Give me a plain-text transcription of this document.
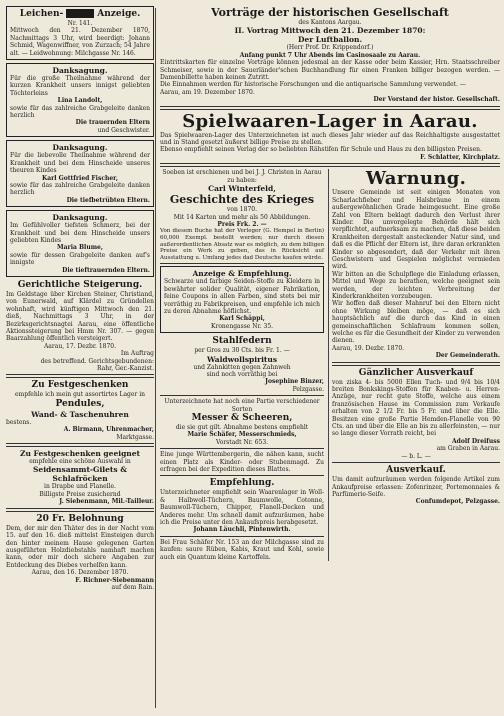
Leichen-	Anzeige.

Nr. 141.

Mittwoch den 21. Dezember 1870, Nachmittags 3 Uhr, wird beerdigt: Johann Schmid, Wagenwiffner, von Zurzach; 54 Jahre alt. — Leidwohnung: Milchgasse Nr. 146.

Danksagung.

Für die große Theilnahme während der kurzen Krankheit unsers innigst geliebten Töchterleins

Lina Landolt,

sowie für das zahlreiche Grabgeleite danken herzlich

Die trauernden Eltern

und Geschwister.

Danksagung.

Für die liebevolle Theilnahme während der Krankheit und bei dem Hinscheide unseres theuren Kindes

Karl Gottfried Fischer,

sowie für das zahlreiche Grabgeleite danken herzlich

Die tiefbetrübten Eltern.

Danksagung.

Im Gefühlvoller tiefsten Schmerz, bei der Krankheit und bei dem Hinscheide unsers geliebten Kindes

Maria Blume,

sowie für dessen Grabgeleite danken auf's innigste

Die tieftrauernden Eltern.

Gerichtliche Steigerung.

Im Geldstage über Kirchen Steiner, Christiand, von Eunerwald, auf Klärdel zu Gründellen wohnhaft, wird künftigen Mittwoch den 21. dieß, Nachmittags 3 Uhr, in der Bezirksgerichtsnagtei Aarau, eine öffentliche Aktionssteigerung bei Hmm Nr. 307. — gegen Baarzahlung öffentlich versteigert.

Aarau, 17. Dezbr. 1870.

Im Auftrag

des betreffend. Gerichtsgebundenen:

Rahr, Ger.-Kanzist.

Zu Festgeschenken

empfehle ich mein gut assortirtes Lager in

Pendules,
Wand- & Taschenuhren

bestens.

A. Birmann, Uhrenmacher,

Marktgasse.

Zu Festgeschenken geeignet

empfehle eine schöne Auswahl in

Seidensammt-Gilets & Schlafröcken

in Drapbe und Flanelle.

Billigste Preise zusichernd

J. Siebenmann, Mil.-Tailleur.

20 Fr. Belohnung

Dem, der mir den Thäter des in der Nacht vom 15. auf den 16. dieß mittelst Einsteigen durch den hinter meinem Hause gelegenen Garten ausgeführten Holzdiebstahls namhaft machen kann, oder mir doch sichere Angaben zur Entdeckung des Diebes verhelfen kann.

Aarau, den 16. Dezember 1870.

F. Richner-Siebenmann

auf dem Rain.

Vorträge der historischen Gesellschaft

des Kantons Aargau.

II. Vortrag Mittwoch den 21. Dezember 1870:
Der Luftballon.

(Herr Prof. Dr. Krippendorf.)

Anfang punkt 7 Uhr Abends im Casinosaale zu Aarau.

Eintrittskarten für einzelne Vorträge können jedesmal an der Kasse oder beim Kassier, Hrn. Staatsschreiber Schmeiser, sowie in der Sauerländer'schen Buchhandlung für einen Franken billiger bezogen werden. — Damenbillette haben keinen Zutritt.

Die Einnahmen werden für historische Forschungen und die antiquarische Sammlung verwendet. —

Aarau, am 19. Dezember 1870.

Der Vorstand der histor. Gesellschaft.

Spielwaaren-Lager in Aarau.

Das Spielwaaren-Lager des Unterzeichneten ist auch dieses Jahr wieder auf das Reichhaltigste ausgestattet und in Stand gesetzt äußerst billige Preise zu stellen.

Ebenso empfiehlt seinen Verlag der so beliebten Rähstifen für Schule und Haus zu den billigsten Preisen.

F. Schlatter, Kirchplatz.

Soeben ist erschienen und bei J. J. Christen in Aarau zu haben:

Carl Winterfeld,
Geschichte des Krieges

von 1870.

Mit 14 Karten und mehr als 50 Abbildungen.

Preis Frk. 2. —

Von diesem Buche hat der Verleger (G. Hempel in Berlin) 60,000 Exempl. bestellt werden; nur durch diesen außerordentlichen Absatz war es möglich, zu dem billigen Preise ein Werk zu geben, das in Rücksicht auf Ausstattung u. Umfang jedes dad Deutsche kaufen würde.

Anzeige & Empfehlung.

Schwarze und farbige Seiden-Stoffe zu Kleidern in bewährter solider Qualität, eigener Fabrikation, feine Coupons in allen Farben, sind stets bei mir vorräthig zu Fabrikpreisen, und empfehle ich mich zu deren Abnahme höflichst.

Karl Schäppi,

Kronengasse Nr. 35.

Stahlfedern

per Gros zu 30 Cts. bis Fr. 1. —

Waldwollspiritus

und Zahnkitten gegen Zahnweh

sind noch vorräthig bei

Josephine Binzer,

Pelzgasse.

Unterzeichnete hat noch eine Partie verschiedener Sorten

Messer & Scheeren,

die sie gut gilt. Abnahme bestens empfiehlt

Marie Schäfer, Messerschmieds,

Vorstadt Nr. 653.

Eine junge Württembergerin, die nähen kann, sucht einen Platz als Kinder- oder Stubenmagd. Zu erfragen bei der Expedition dieses Blattes.

Empfehlung.

Unterzeichneter empfiehlt sein Waarenlager in Woll- & Halbwoll-Tüchern, Baumwolle, Cotonne, Baumwoll-Tüchern, Chipper, Flanell-Decken und Anderes mehr. Um schnell damit aufzuräumen, habe ich die Preise unter den Ankaufspreis herabgesetzt.

Johann Läuchli, Pintenwirth.

Bei Frau Schäfer Nr. 153 an der Milchgasse sind zu kaufen: saure Rüben, Kabis, Kraut und Kohl, sowie auch ein Quantum kleine Kartoffeln.

Warnung.

Unsere Gemeinde ist seit einigen Monaten von Scharlachfieber und Halsbräune in einem außergewöhnlichen Grade heimgesucht. Eine große Zahl von Eltern beklagt dadurch den Verlust ihrer Kinder. Die unvorgelegte Behörde hält sich verpflichtet, aufmerksam zu machen, daß diese beiden Krankheiten dergestalt ansteckender Natur sind, und daß es die Pflicht der Eltern ist, ihre daran erkrankten Kinder so abgesondert, daß der Verkehr mit ihren Geschwistern und Gespielen möglichst vermieden wird.

Wir bitten an die Schulpflege die Einladung erlassen, Mittel und Wege zu berathen, welche geeignet sein werden, der leichten Verbreitung der Kinderkrankheiten vorzubeugen.

Wir hoffen daß dieser Mahnruf bei den Eltern nicht ohne Wirkung bleiben möge, — daß es sich hauptsächlich auf die durch das Kind in einen gemeinschaftlichen Schlafraum kommen sollen, welche es für die Gesundheit der Kinder zu verwenden dienen.

Aarau, 19. Dezbr. 1870.

Der Gemeinderath.

Gänzlicher Ausverkauf

von ziska 4- bis 5000 Ellen Tuch- und 9/4 bis 10/4 breiten Bonkskings-Stoffen für Knaben- u. Herren-Anzüge, nur recht gute Stoffe, welche aus einem französischen Hause im Commission zum Verkaufe erhalten von 2 1/2 Fr. bis 5 Fr. und über die Elle. Besitzen eine große Partie Hemden-Flanelle von 90 Cts. an und über die Elle an bis zu allerfeinsten, — nur so lange dieser Vorrath reicht, bei

Adolf Dreifuss

am Graben in Aarau.

— b. L. —

Ausverkauf.

Um damit aufzuräumen werden folgende Artikel zum Ankaufpreise erlassen: Zofenrinzer, Portemonnaies & Parfümerie-Seife.

Confumdepot, Pelzgasse.
